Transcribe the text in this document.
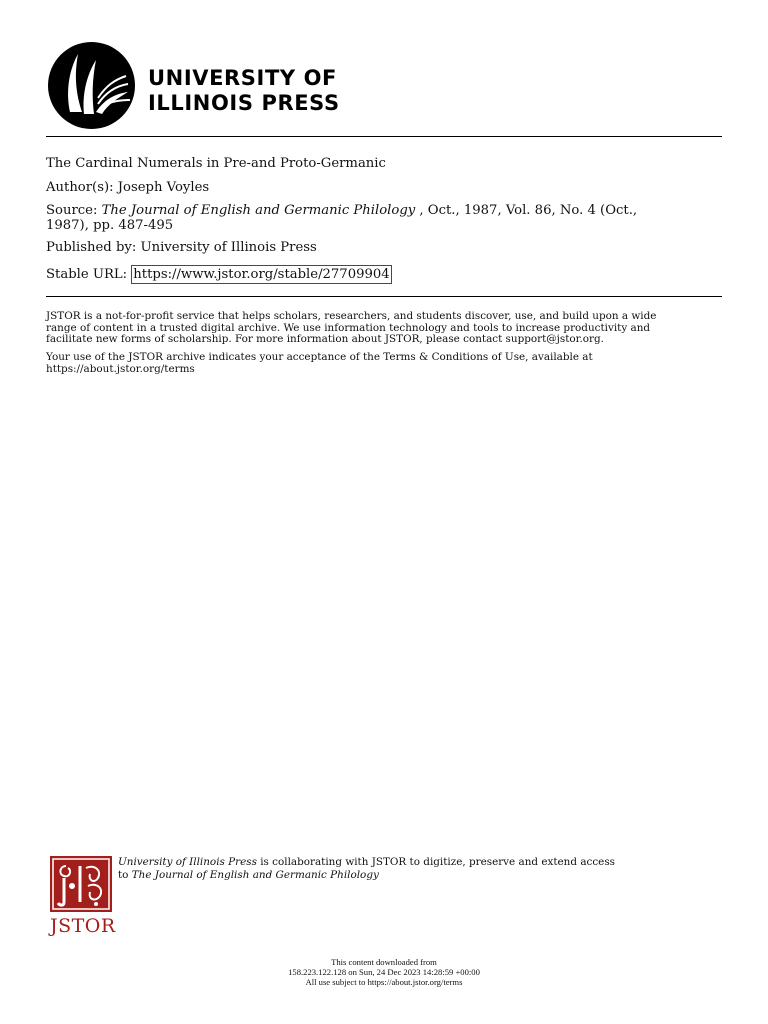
UNIVERSITY OF
ILLINOIS PRESS
The Cardinal Numerals in Pre-and Proto-Germanic
Author(s): Joseph Voyles
Source: The Journal of English and Germanic Philology , Oct., 1987, Vol. 86, No. 4 (Oct.,
1987), pp. 487-495
Published by: University of Illinois Press
Stable URL: https://www.jstor.org/stable/27709904
JSTOR is a not-for-profit service that helps scholars, researchers, and students discover, use, and build upon a wide
range of content in a trusted digital archive. We use information technology and tools to increase productivity and
facilitate new forms of scholarship. For more information about JSTOR, please contact support@jstor.org.
Your use of the JSTOR archive indicates your acceptance of the Terms & Conditions of Use, available at
https://about.jstor.org/terms
JSTOR
University of Illinois Press is collaborating with JSTOR to digitize, preserve and extend access
to The Journal of English and Germanic Philology
This content downloaded from
158.223.122.128 on Sun, 24 Dec 2023 14:28:59 +00:00
All use subject to https://about.jstor.org/terms
